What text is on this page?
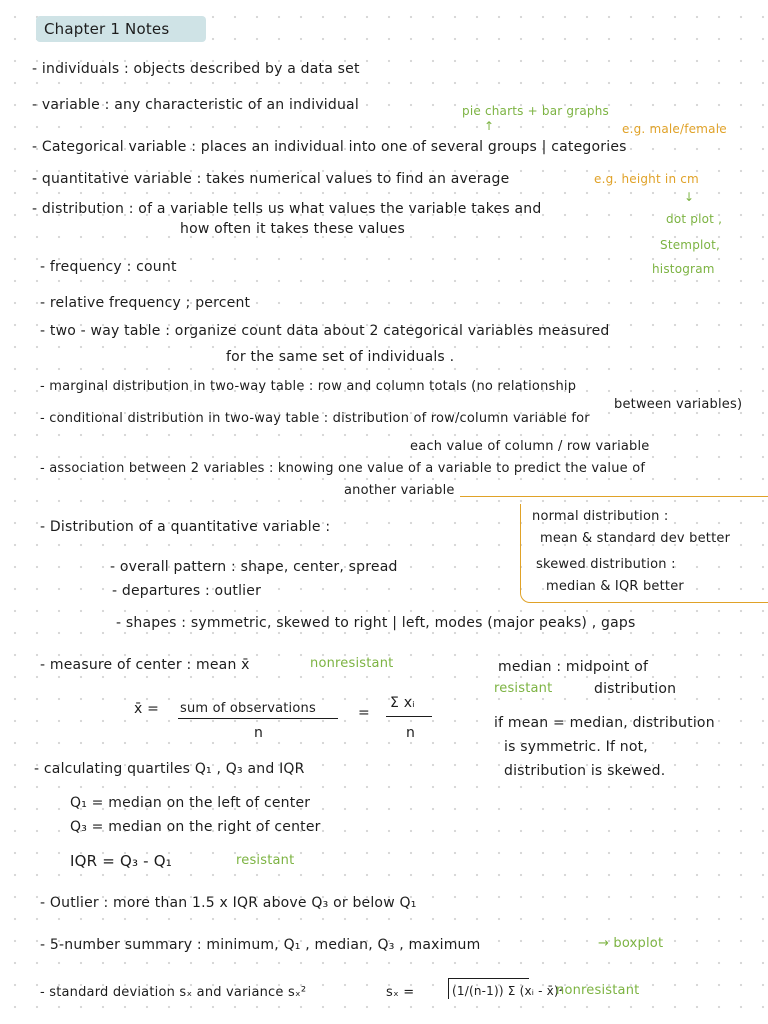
Chapter 1 Notes
- individuals : objects described by a data set
- variable : any characteristic of an individual	pie charts + bar graphs
↑	e.g. male/female
- Categorical variable : places an individual into one of several groups | categories
- quantitative variable : takes numerical values to find an average	e.g. height in cm
↓
- distribution : of a variable tells us what values the variable takes and
how often it takes these values
dot plot ,
Stemplot,
histogram
- frequency : count
- relative frequency ; percent
- two - way table : organize count data about 2 categorical variables measured
for the same set of individuals .
- marginal distribution in two-way table : row and column totals (no relationship
between variables)
- conditional distribution in two-way table : distribution of row/column variable for
each value of column / row variable
- association between 2 variables : knowing one value of a variable to predict the value of
another variable
normal distribution :
mean & standard dev better
skewed distribution :
median & IQR better
- Distribution of a quantitative variable :
- overall pattern : shape, center, spread
- departures : outlier
- shapes : symmetric, skewed to right | left, modes (major peaks) , gaps
- measure of center : mean x̄	nonresistant	median : midpoint of
resistant	distribution
x̄ = sum of observations
n
=
Σ xᵢ
n
if mean = median, distribution
is symmetric. If not,
distribution is skewed.
- calculating quartiles Q₁ , Q₃ and IQR
Q₁ = median on the left of center
Q₃ = median on the right of center
IQR = Q₃ - Q₁	resistant
- Outlier : more than 1.5 x IQR above Q₃ or below Q₁
- 5-number summary : minimum, Q₁ , median, Q₃ , maximum	→ boxplot
- standard deviation sₓ and variance sₓ²	sₓ =	(1/(n-1)) Σ (xᵢ - x̄)²
nonresistant
